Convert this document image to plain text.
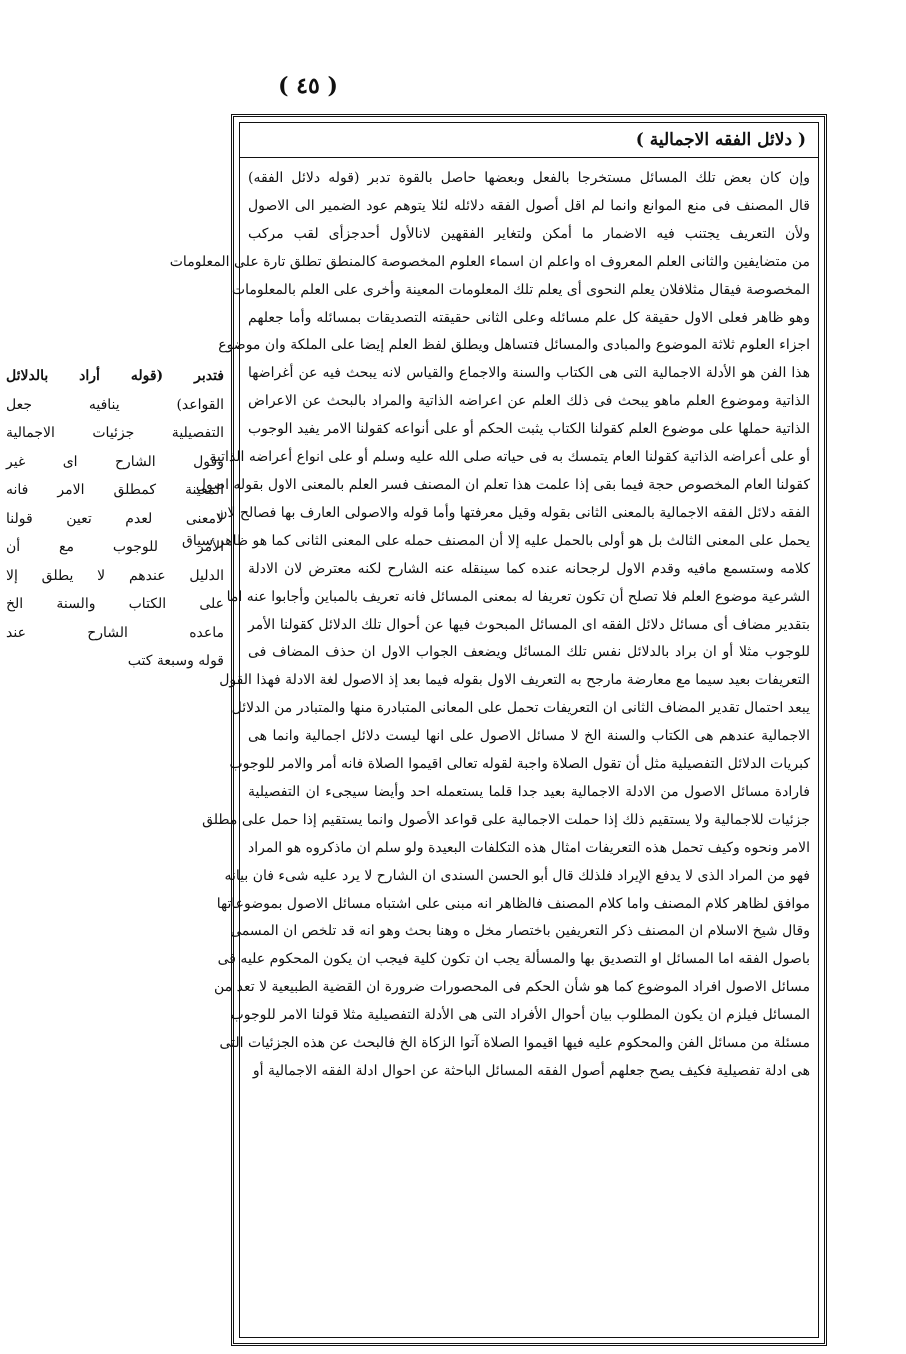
( ٤٥ )
فتدبر (قوله أراد بالدلائل
القواعد) ينافيه جعل
التفصيلية جزئيات الاجمالية
وقول الشارح اى غير
المعينة كمطلق الامر فانه
لامعنى لعدم تعين قولنا
الأمر للوجوب مع أن
الدليل عندهم لا يطلق إلا
على الكتاب والسنة الخ
ماعده الشارح عند
قوله وسبعة كتب
( دلائل الفقه الاجمالية )
وإن كان بعض تلك المسائل مستخرجا بالفعل وبعضها حاصل بالقوة تدبر (قوله دلائل الفقه)
قال المصنف فى منع الموانع وانما لم اقل أصول الفقه دلائله لئلا يتوهم عود الضمير الى الاصول
ولأن التعريف يجتنب فيه الاضمار ما أمكن ولتغاير الفقهين لانالأول أحدجزأى لقب مركب
من متضايفين والثانى العلم المعروف اه واعلم ان اسماء العلوم المخصوصة كالمنطق تطلق تارة على المعلومات
المخصوصة فيقال مثلافلان يعلم النحوى أى يعلم تلك المعلومات المعينة وأخرى على العلم بالمعلومات
وهو ظاهر فعلى الاول حقيقة كل علم مسائله وعلى الثانى حقيقته التصديقات بمسائله وأما جعلهم
اجزاء العلوم ثلاثة الموضوع والمبادى والمسائل فتساهل ويطلق لفظ العلم إيضا على الملكة وان موضوع
هذا الفن هو الأدلة الاجمالية التى هى الكتاب والسنة والاجماع والقياس لانه يبحث فيه عن أغراضها
الذاتية وموضوع العلم ماهو يبحث فى ذلك العلم عن اعراضه الذاتية والمراد بالبحث عن الاعراض
الذاتية حملها على موضوع العلم كقولنا الكتاب يثبت الحكم أو على أنواعه كقولنا الامر يفيد الوجوب
أو على أعراضه الذاتية كقولنا العام يتمسك به فى حياته صلى الله عليه وسلم أو على انواع أعراضه الذاتية
كقولنا العام المخصوص حجة فيما بقى إذا علمت هذا تعلم ان المصنف فسر العلم بالمعنى الاول بقوله اصول
الفقه دلائل الفقه الاجمالية بالمعنى الثانى بقوله وقيل معرفتها وأما قوله والاصولى العارف بها فصالح لان
يحمل على المعنى الثالث بل هو أولى بالحمل عليه إلا أن المصنف حمله على المعنى الثانى كما هو ظاهر سياق
كلامه وستسمع مافيه وقدم الاول لرجحانه عنده كما سينقله عنه الشارح لكنه معترض لان الادلة
الشرعية موضوع العلم فلا تصلح أن تكون تعريفا له بمعنى المسائل فانه تعريف بالمباين وأجابوا عنه اما
بتقدير مضاف أى مسائل دلائل الفقه اى المسائل المبحوث فيها عن أحوال تلك الدلائل كقولنا الأمر
للوجوب مثلا أو ان براد بالدلائل نفس تلك المسائل ويضعف الجواب الاول ان حذف المضاف فى
التعريفات بعيد سيما مع معارضة مارجح به التعريف الاول بقوله فيما بعد إذ الاصول لغة الادلة فهذا القول
يبعد احتمال تقدير المضاف الثانى ان التعريفات تحمل على المعانى المتبادرة منها والمتبادر من الدلائل
الاجمالية عندهم هى الكتاب والسنة الخ لا مسائل الاصول على انها ليست دلائل اجمالية وانما هى
كبريات الدلائل التفصيلية مثل أن تقول الصلاة واجبة لقوله تعالى اقيموا الصلاة فانه أمر والامر للوجوب
فارادة مسائل الاصول من الادلة الاجمالية بعيد جدا قلما يستعمله احد وأيضا سيجىء ان التفصيلية
جزئيات للاجمالية ولا يستقيم ذلك إذا حملت الاجمالية على قواعد الأصول وانما يستقيم إذا حمل على مطلق
الامر ونحوه وكيف تحمل هذه التعريفات امثال هذه التكلفات البعيدة ولو سلم ان ماذكروه هو المراد
فهو من المراد الذى لا يدفع الإيراد فلذلك قال أبو الحسن السندى ان الشارح لا يرد عليه شىء فان بيانه
موافق لظاهر كلام المصنف واما كلام المصنف فالظاهر انه مبنى على اشتباه مسائل الاصول بموضوعاتها
وقال شيخ الاسلام ان المصنف ذكر التعريفين باختصار مخل ه وهنا بحث وهو انه قد تلخص ان المسمى
باصول الفقه اما المسائل او التصديق بها والمسألة يجب ان تكون كلية فيجب ان يكون المحكوم عليه فى
مسائل الاصول افراد الموضوع كما هو شأن الحكم فى المحصورات ضرورة ان القضية الطبيعية لا تعد من
المسائل فيلزم ان يكون المطلوب بيان أحوال الأفراد التى هى الأدلة التفصيلية مثلا قولنا الامر للوجوب
مسئلة من مسائل الفن والمحكوم عليه فيها اقيموا الصلاة آتوا الزكاة الخ فالبحث عن هذه الجزئيات التى
هى ادلة تفصيلية فكيف يصح جعلهم أصول الفقه المسائل الباحثة عن احوال ادلة الفقه الاجمالية أو
